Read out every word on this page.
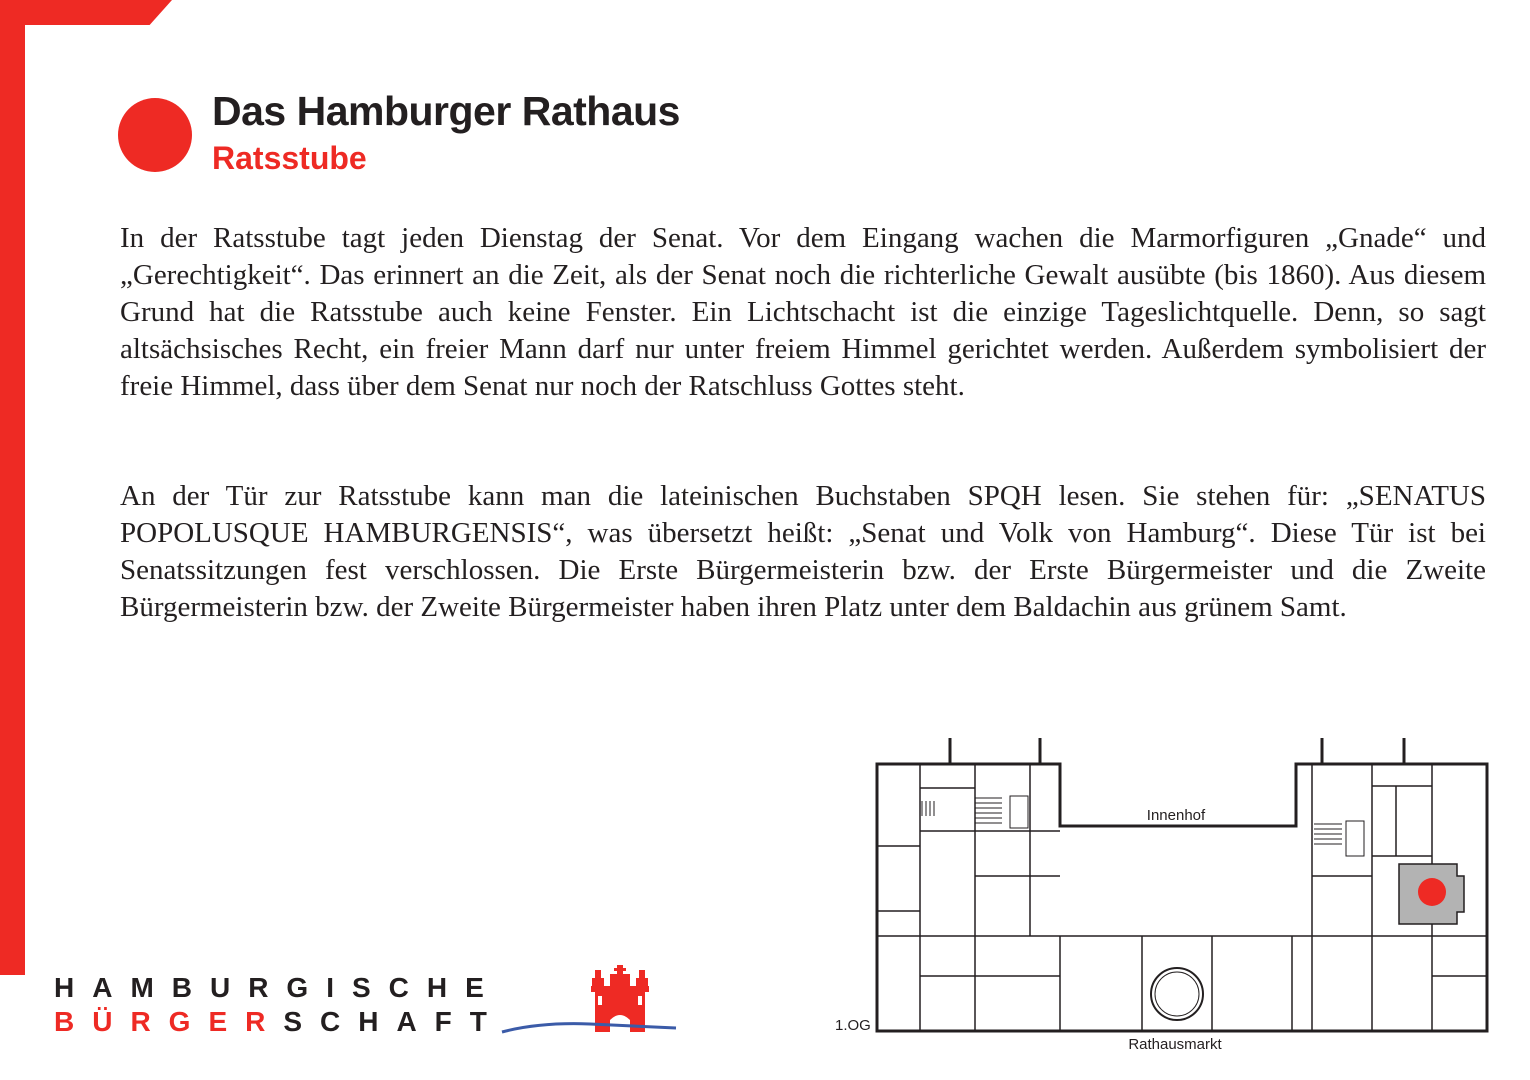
Das Hamburger Rathaus
Ratsstube

In der Ratsstube tagt jeden Dienstag der Senat. Vor dem Eingang wachen die Marmorfiguren „Gnade“ und „Gerechtigkeit“. Das erinnert an die Zeit, als der Senat noch die richterliche Gewalt ausübte (bis 1860). Aus diesem Grund hat die Ratsstube auch keine Fenster. Ein Lichtschacht ist die einzige Tageslichtquelle. Denn, so sagt altsächsisches Recht, ein freier Mann darf nur unter freiem Himmel gerichtet werden. Außerdem symbolisiert der freie Himmel, dass über dem Senat nur noch der Ratschluss Gottes steht.

An der Tür zur Ratsstube kann man die lateinischen Buchstaben SPQH lesen. Sie stehen für: „SENATUS POPOLUSQUE HAMBURGENSIS“, was übersetzt heißt: „Senat und Volk von Hamburg“. Diese Tür ist bei Senatssitzungen fest verschlossen. Die Erste Bürgermeisterin bzw. der Erste Bürgermeister und die Zweite Bürgermeisterin bzw. der Zweite Bürgermeister haben ihren Platz unter dem Baldachin aus grünem Samt.

HAMBURGISCHE
BÜRGERSCHAFT
Innenhof
Rathausmarkt
1.OG
